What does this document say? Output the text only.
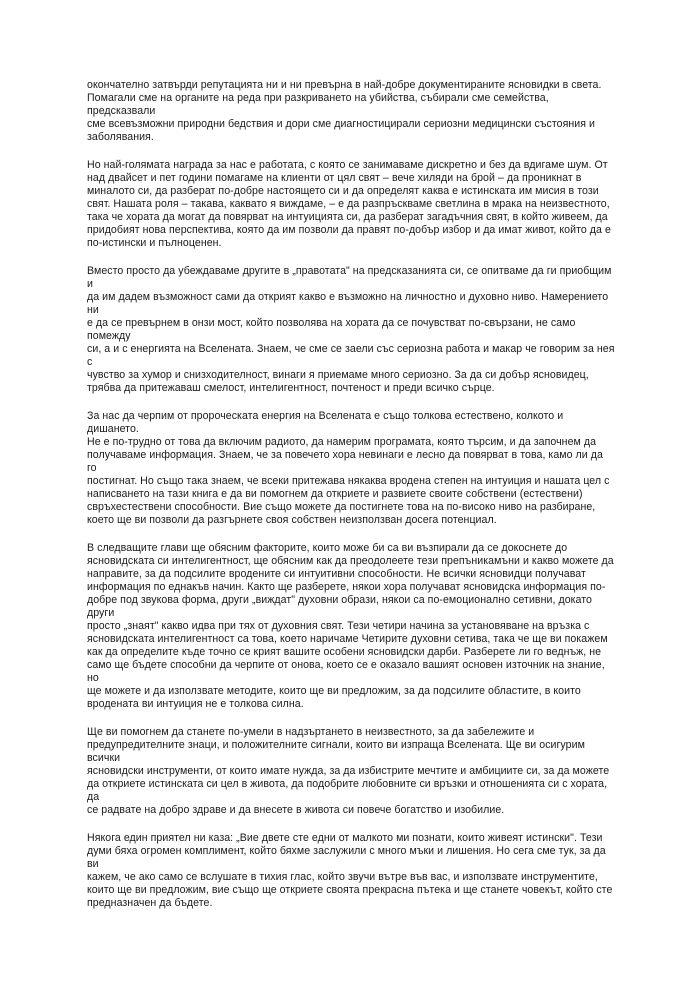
окончателно затвърди репутацията ни и ни превърна в най-добре документираните ясновидки в света.
Помагали сме на органите на реда при разкриването на убийства, събирали сме семейства, предсказвали
сме всевъзможни природни бедствия и дори сме диагностицирали сериозни медицински състояния и
заболявания.

Но най-голямата награда за нас е работата, с която се занимаваме дискретно и без да вдигаме шум. От
над двайсет и пет години помагаме на клиенти от цял свят – вече хиляди на брой – да проникнат в
миналото си, да разберат по-добре настоящето си и да определят каква е истинската им мисия в този
свят. Нашата роля – такава, каквато я виждаме, – е да разпръскваме светлина в мрака на неизвестното,
така че хората да могат да повярват на интуицията си, да разберат загадъчния свят, в който живеем, да
придобият нова перспектива, която да им позволи да правят по-добър избор и да имат живот, който да е
по-истински и пълноценен.

Вместо просто да убеждаваме другите в „правотата" на предсказанията си, се опитваме да ги приобщим и
да им дадем възможност сами да открият какво е възможно на личностно и духовно ниво. Намерението ни
е да се превърнем в онзи мост, който позволява на хората да се почувстват по-свързани, не само помежду
си, а и с енергията на Вселената. Знаем, че сме се заели със сериозна работа и макар че говорим за нея с
чувство за хумор и снизходителност, винаги я приемаме много сериозно. За да си добър ясновидец,
трябва да притежаваш смелост, интелигентност, почтеност и преди всичко сърце.

За нас да черпим от пророческата енергия на Вселената е също толкова естествено, колкото и дишането.
Не е по-трудно от това да включим радиото, да намерим програмата, която търсим, и да започнем да
получаваме информация. Знаем, че за повечето хора невинаги е лесно да повярват в това, камо ли да го
постигнат. Но също така знаем, че всеки притежава някаква вродена степен на интуиция и нашата цел с
написването на тази книга е да ви помогнем да откриете и развиете своите собствени (естествени)
свръхестествени способности. Вие също можете да постигнете това на по-високо ниво на разбиране,
което ще ви позволи да разгърнете своя собствен неизползван досега потенциал.

В следващите глави ще обясним факторите, които може би са ви възпирали да се докоснете до
ясновидската си интелигентност, ще обясним как да преодолеете тези препъникамъни и какво можете да
направите, за да подсилите вродените си интуитивни способности. Не всички ясновидци получават
информация по еднакъв начин. Както ще разберете, някои хора получават ясновидска информация по-
добре под звукова форма, други „виждат" духовни образи, някои са по-емоционално сетивни, докато други
просто „знаят" какво идва при тях от духовния свят. Тези четири начина за установяване на връзка с
ясновидската интелигентност са това, което наричаме Четирите духовни сетива, така че ще ви покажем
как да определите къде точно се крият вашите особени ясновидски дарби. Разберете ли го веднъж, не
само ще бъдете способни да черпите от онова, което се е оказало вашият основен източник на знание, но
ще можете и да използвате методите, които ще ви предложим, за да подсилите областите, в които
вродената ви интуиция не е толкова силна.

Ще ви помогнем да станете по-умели в надзъртането в неизвестното, за да забележите и
предупредителните знаци, и положителните сигнали, които ви изпраща Вселената. Ще ви осигурим всички
ясновидски инструменти, от които имате нужда, за да избистрите мечтите и амбициите си, за да можете
да откриете истинската си цел в живота, да подобрите любовните си връзки и отношенията си с хората, да
се радвате на добро здраве и да внесете в живота си повече богатство и изобилие.

Някога един приятел ни каза: „Вие двете сте едни от малкото ми познати, които живеят истински". Тези
думи бяха огромен комплимент, който бяхме заслужили с много мъки и лишения. Но сега сме тук, за да ви
кажем, че ако само се вслушате в тихия глас, който звучи вътре във вас, и използвате инструментите,
които ще ви предложим, вие също ще откриете своята прекрасна пътека и ще станете човекът, който сте
предназначен да бъдете.
